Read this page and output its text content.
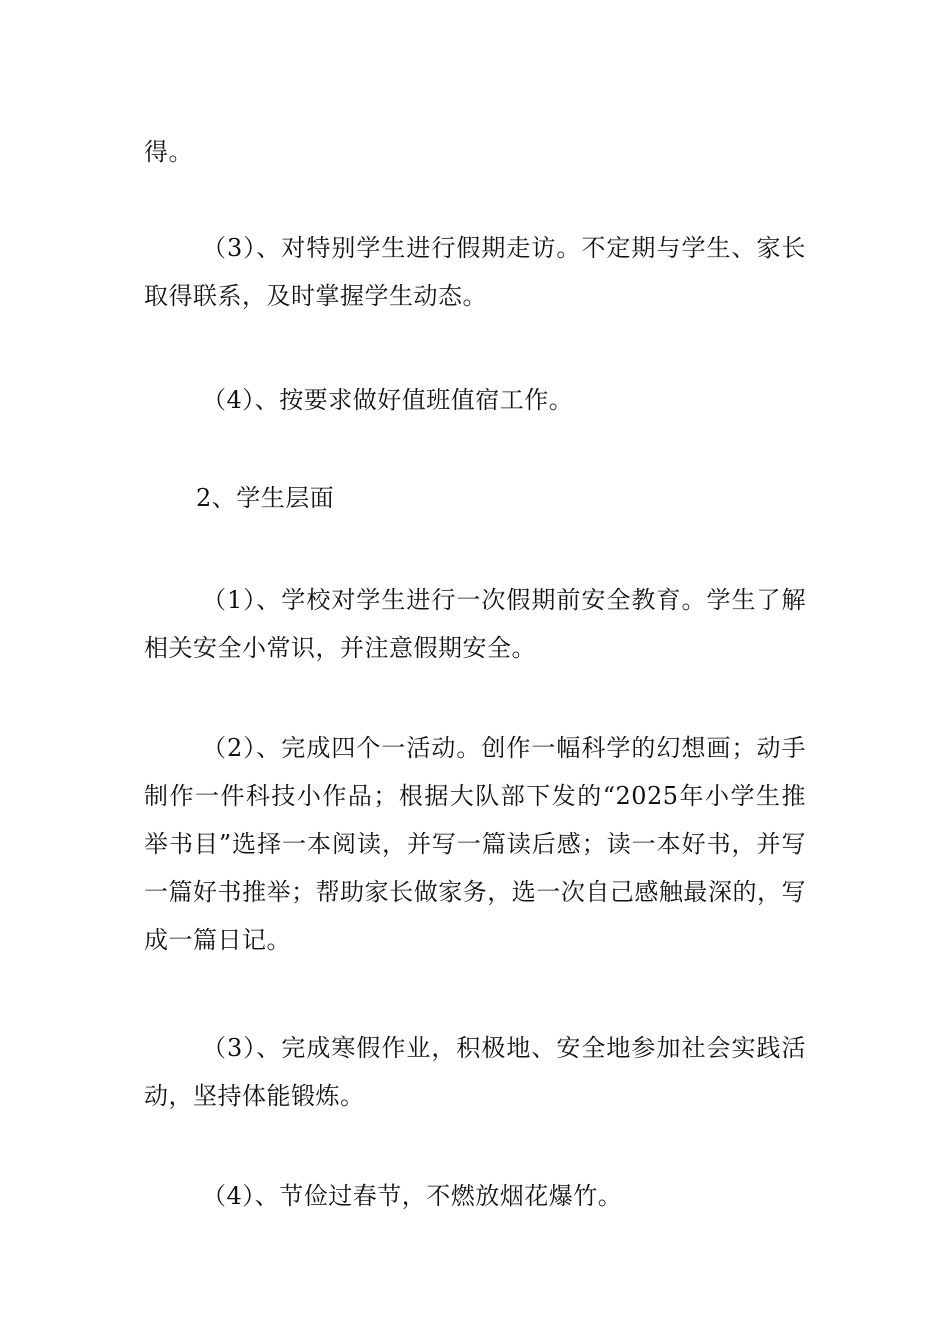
得。

（3）、对特别学生进行假期走访。不定期与学生、家长取得联系，及时掌握学生动态。

（4）、按要求做好值班值宿工作。

2、学生层面

（1）、学校对学生进行一次假期前安全教育。学生了解相关安全小常识，并注意假期安全。

（2）、完成四个一活动。创作一幅科学的幻想画；动手制作一件科技小作品；根据大队部下发的“2025年小学生推举书目”选择一本阅读，并写一篇读后感；读一本好书，并写一篇好书推举；帮助家长做家务，选一次自己感触最深的，写成一篇日记。

（3）、完成寒假作业，积极地、安全地参加社会实践活动，坚持体能锻炼。

（4）、节俭过春节，不燃放烟花爆竹。
